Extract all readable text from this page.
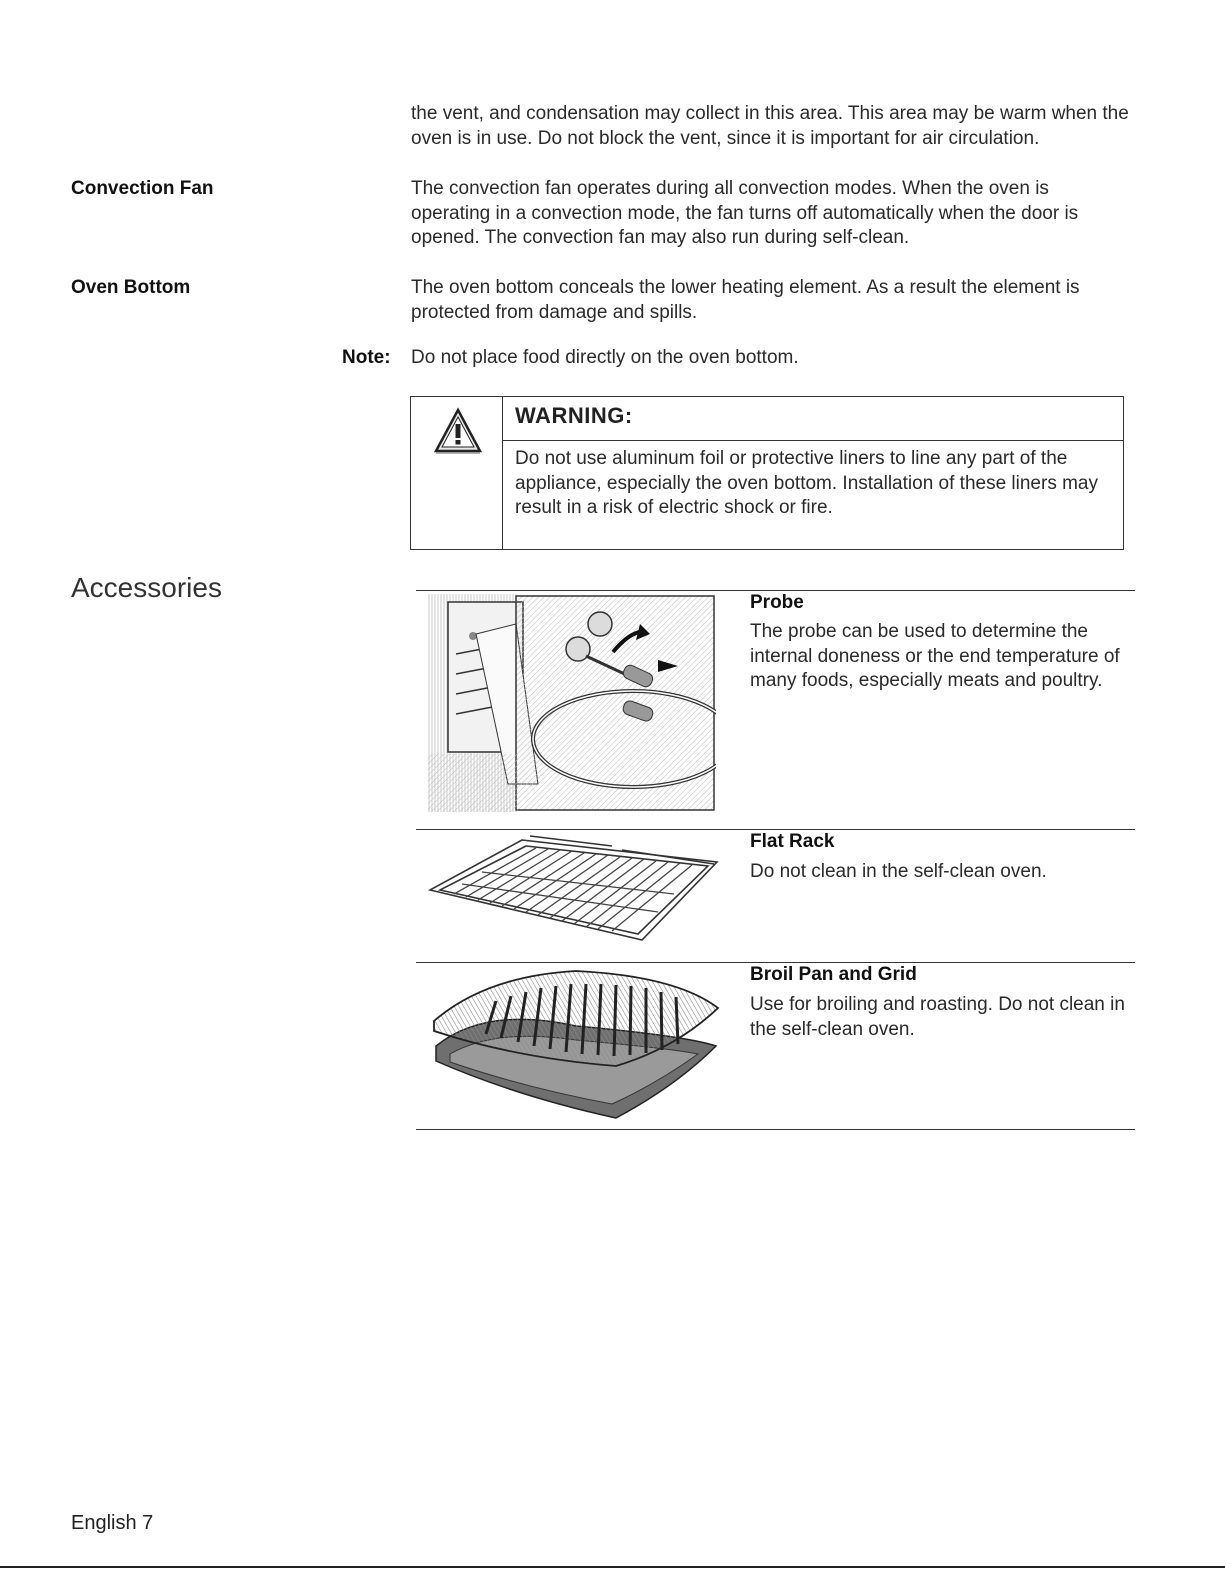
the vent, and condensation may collect in this area. This area may be warm when the oven is in use. Do not block the vent, since it is important for air circulation.
Convection Fan	The convection fan operates during all convection modes. When the oven is operating in a convection mode, the fan turns off automatically when the door is opened. The convection fan may also run during self-clean.
Oven Bottom	The oven bottom conceals the lower heating element. As a result the element is protected from damage and spills.
Note: Do not place food directly on the oven bottom.
WARNING:
Do not use aluminum foil or protective liners to line any part of the appliance, especially the oven bottom. Installation of these liners may result in a risk of electric shock or fire.
Accessories	Probe
The probe can be used to determine the internal doneness or the end temperature of many foods, especially meats and poultry.
Flat Rack
Do not clean in the self-clean oven.
Broil Pan and Grid
Use for broiling and roasting. Do not clean in the self-clean oven.
English 7
